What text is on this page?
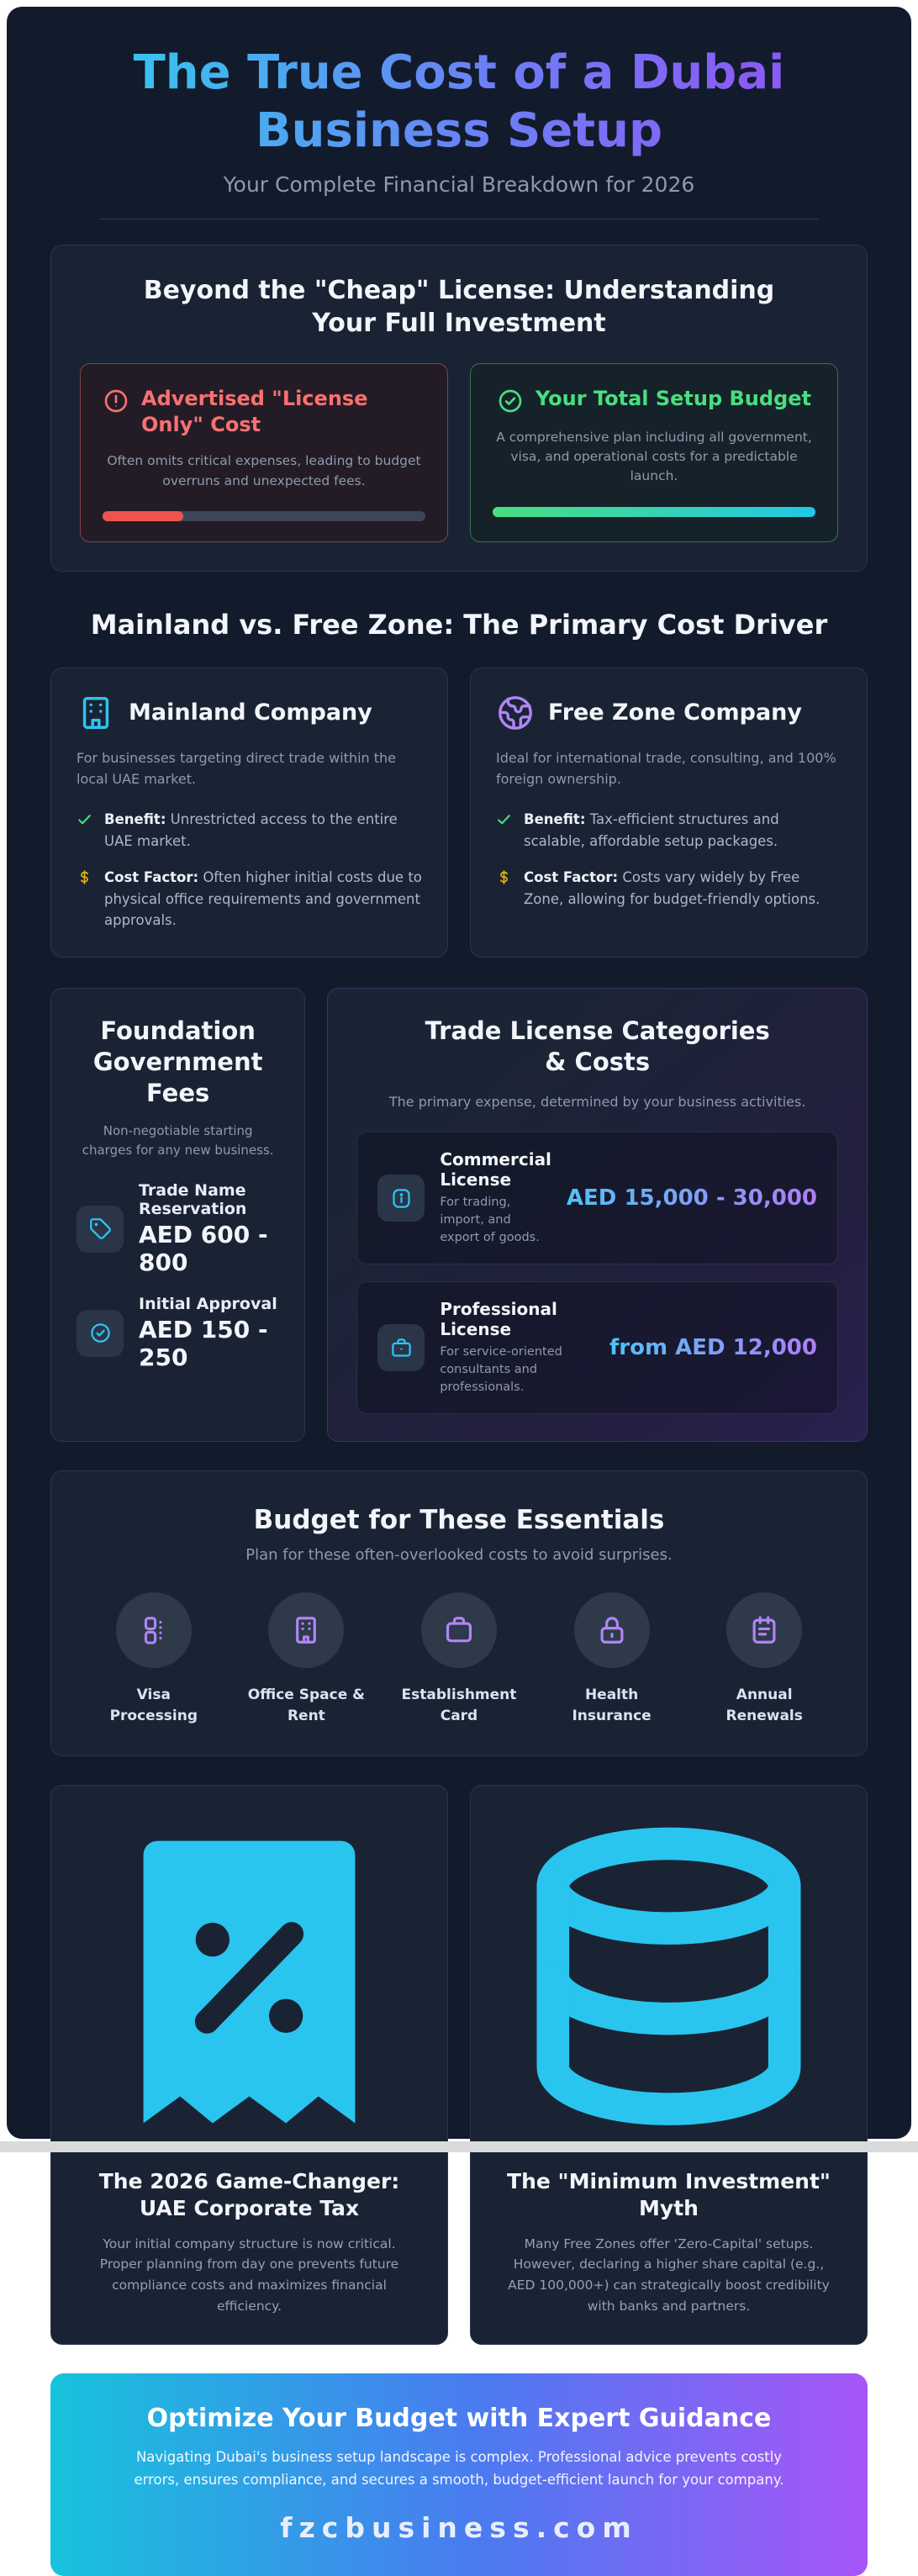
The True Cost of a Dubai Business Setup
Your Complete Financial Breakdown for 2026
Beyond the "Cheap" License: Understanding Your Full Investment
Advertised "License Only" Cost
Often omits critical expenses, leading to budget overruns and unexpected fees.
Your Total Setup Budget
A comprehensive plan including all government, visa, and operational costs for a predictable launch.
Mainland vs. Free Zone: The Primary Cost Driver
Mainland Company
For businesses targeting direct trade within the local UAE market.
Benefit: Unrestricted access to the entire UAE market.
Cost Factor: Often higher initial costs due to physical office requirements and government approvals.
Free Zone Company
Ideal for international trade, consulting, and 100% foreign ownership.
Benefit: Tax-efficient structures and scalable, affordable setup packages.
Cost Factor: Costs vary widely by Free Zone, allowing for budget-friendly options.
Foundation Government Fees
Non-negotiable starting charges for any new business.
Trade Name Reservation
AED 600 - 800
Initial Approval
AED 150 - 250
Trade License Categories & Costs
The primary expense, determined by your business activities.
Commercial License
For trading, import, and export of goods.
AED 15,000 - 30,000
Professional License
For service-oriented consultants and professionals.
from AED 12,000
Budget for These Essentials
Plan for these often-overlooked costs to avoid surprises.
Visa Processing
Office Space & Rent
Establishment Card
Health Insurance
Annual Renewals
The 2026 Game-Changer: UAE Corporate Tax
Your initial company structure is now critical. Proper planning from day one prevents future compliance costs and maximizes financial efficiency.
The "Minimum Investment" Myth
Many Free Zones offer 'Zero-Capital' setups. However, declaring a higher share capital (e.g., AED 100,000+) can strategically boost credibility with banks and partners.
Optimize Your Budget with Expert Guidance
Navigating Dubai's business setup landscape is complex. Professional advice prevents costly errors, ensures compliance, and secures a smooth, budget-efficient launch for your company.
fzcbusiness.com
